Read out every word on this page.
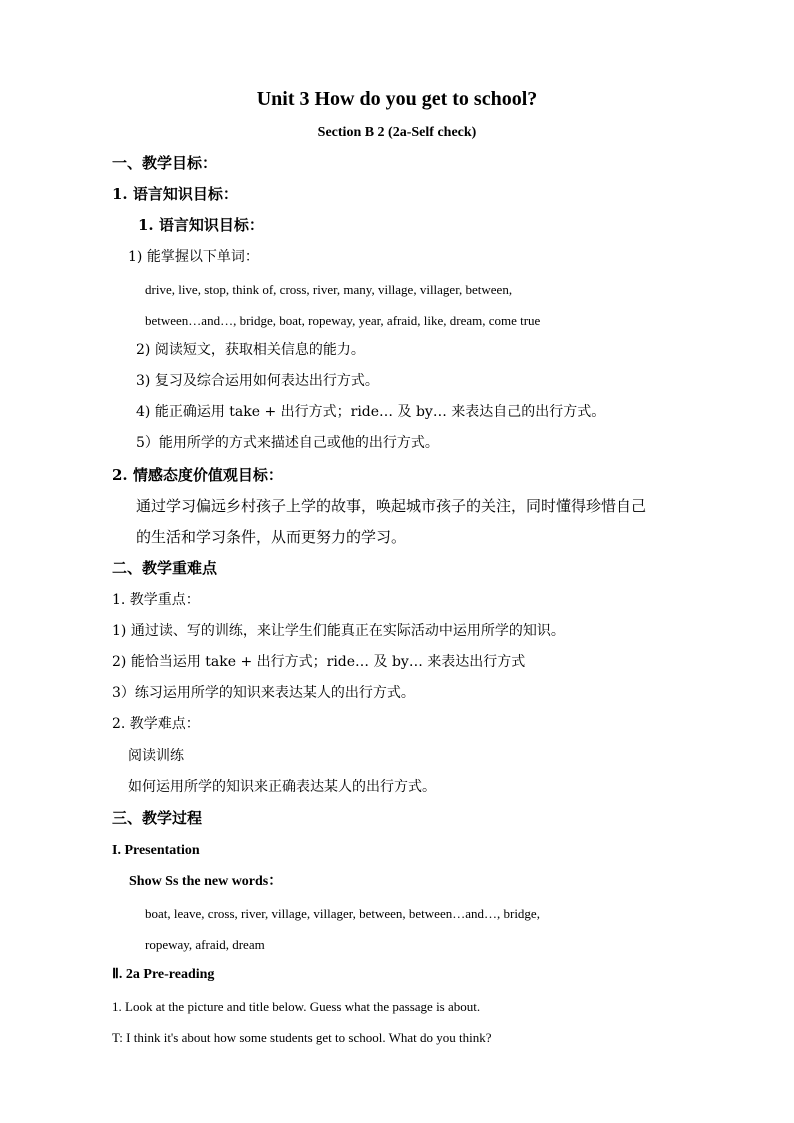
Unit 3 How do you get to school?
Section B 2 (2a-Self check)
一、教学目标：
1. 语言知识目标：
1. 语言知识目标：
1) 能掌握以下单词：
drive, live, stop, think of, cross, river, many, village, villager, between,
between…and…, bridge, boat, ropeway, year, afraid, like, dream, come true
2) 阅读短文，获取相关信息的能力。
3) 复习及综合运用如何表达出行方式。
4) 能正确运用 take + 出行方式；ride… 及 by… 来表达自己的出行方式。
5）能用所学的方式来描述自己或他的出行方式。
2. 情感态度价值观目标：
通过学习偏远乡村孩子上学的故事，唤起城市孩子的关注，同时懂得珍惜自己
的生活和学习条件，从而更努力的学习。
二、教学重难点
1. 教学重点：
1) 通过读、写的训练，来让学生们能真正在实际活动中运用所学的知识。
2) 能恰当运用 take + 出行方式；ride… 及 by… 来表达出行方式
3）练习运用所学的知识来表达某人的出行方式。
2. 教学难点：
阅读训练
如何运用所学的知识来正确表达某人的出行方式。
三、教学过程
I. Presentation
Show Ss the new words：
boat, leave, cross, river, village, villager, between, between…and…, bridge,
ropeway, afraid, dream
Ⅱ. 2a Pre-reading
1. Look at the picture and title below. Guess what the passage is about.
T: I think it's about how some students get to school. What do you think?
